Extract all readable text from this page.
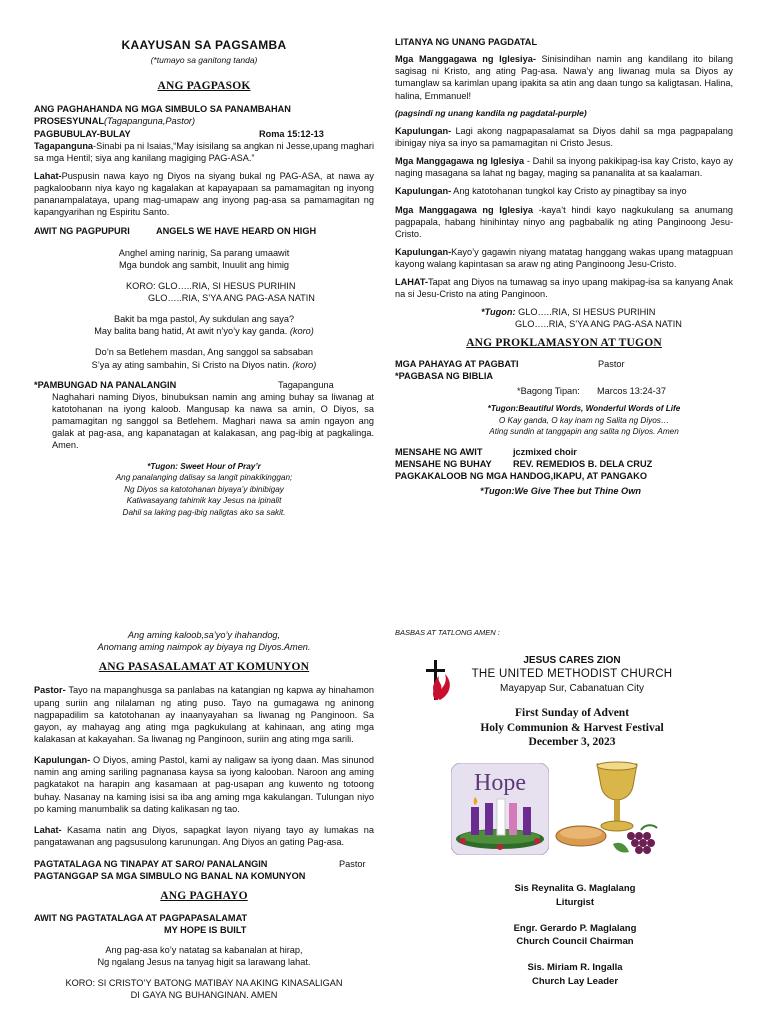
KAAYUSAN SA PAGSAMBA
(*tumayo sa ganitong tanda)
ANG PAGPASOK
ANG PAGHAHANDA NG MGA SIMBULO SA PANAMBAHAN
PROSESYUNAL(Tagapanguna,Pastor)
PAGBUBULAY-BULAY	Roma 15:12-13

Tagapanguna-Sinabi pa ni Isaias,“May isisilang sa angkan ni Jesse,upang maghari sa mga Hentil; siya ang kanilang magiging PAG-ASA.”

Lahat-Puspusin nawa kayo ng Diyos na siyang bukal ng PAG-ASA, at nawa ay pagkaloobann niya kayo ng kagalakan at kapayapaan sa pamamagitan ng inyong pananampalataya, upang mag-umapaw ang inyong pag-asa sa pamamagitan ng kapangyarihan ng Espiritu Santo.

AWIT NG PAGPUPURI	ANGELS WE HAVE HEARD ON HIGH
Anghel aming narinig, Sa parang umaawit
Mga bundok ang sambit, Inuulit ang himig
KORO: GLO…..RIA, SI HESUS PURIHIN
GLO…..RIA, S’YA ANG PAG-ASA NATIN
Bakit ba mga pastol, Ay sukdulan ang saya?
May balita bang hatid, At awit n’yo’y kay ganda. (koro)
Do’n sa Betlehem masdan, Ang sanggol sa sabsaban
S’ya ay ating sambahin, Si Cristo na Diyos natin. (koro)
*PAMBUNGAD NA PANALANGIN	Tagapanguna

Naghahari naming Diyos, binubuksan namin ang aming buhay sa liwanag at katotohanan na iyong kaloob. Mangusap ka nawa sa amin, O Diyos, sa pamamagitan ng sanggol sa Betlehem. Maghari nawa sa amin ngayon ang galak at pag-asa, ang kapanatagan at kalakasan, ang pag-ibig at pagkalinga. Amen.

*Tugon: Sweet Hour of Pray’r
Ang panalanging dalisay sa langit pinakikinggan;
Ng Diyos sa katotohanan biyaya’y ibinibigay
Katiwasayang tahimik kay Jesus na ipinalit
Dahil sa laking pag-ibig naligtas ako sa sakit.
LITANYA NG UNANG PAGDATAL

Mga Manggagawa ng Iglesiya- Sinisindihan namin ang kandilang ito bilang sagisag ni Kristo, ang ating Pag-asa. Nawa’y ang liwanag mula sa Diyos ay tumanglaw sa karimlan upang ipakita sa atin ang daan tungo sa kaligtasan. Halina, halina, Emmanuel!

(pagsindi ng unang kandila ng pagdatal-purple)

Kapulungan- Lagi akong nagpapasalamat sa Diyos dahil sa mga pagpapalang ibinigay niya sa inyo sa pamamagitan ni Cristo Jesus.

Mga Manggagawa ng Iglesiya - Dahil sa inyong pakikipag-isa kay Cristo, kayo ay naging masagana sa lahat ng bagay, maging sa pananalita at sa kaalaman.

Kapulungan- Ang katotohanan tungkol kay Cristo ay pinagtibay sa inyo

Mga Manggagawa ng Iglesiya -kaya’t hindi kayo nagkukulang sa anumang pagpapala, habang hinihintay ninyo ang pagbabalik ng ating Panginoong Jesu-Cristo.

Kapulungan-Kayo’y gagawin niyang matatag hanggang wakas upang matagpuan kayong walang kapintasan sa araw ng ating Panginoong Jesu-Cristo.

LAHAT-Tapat ang Diyos na tumawag sa inyo upang makipag-isa sa kanyang Anak na si Jesu-Cristo na ating Panginoon.

*Tugon: GLO…..RIA, SI HESUS PURIHIN
GLO…..RIA, S’YA ANG PAG-ASA NATIN
ANG PROKLAMASYON AT TUGON
MGA PAHAYAG AT PAGBATI	Pastor
*PAGBASA NG BIBLIA
*Bagong Tipan:	Marcos 13:24-37
*Tugon:Beautiful Words, Wonderful Words of Life
O Kay ganda, O kay inam ng Salita ng Diyos…
Ating sundin at tanggapin ang salita ng Diyos. Amen
MENSAHE NG AWIT	jczmixed choir
MENSAHE NG BUHAY	REV. REMEDIOS B. DELA CRUZ
PAGKAKALOOB NG MGA HANDOG,IKAPU, AT PANGAKO
*Tugon:We Give Thee but Thine Own
Ang aming kaloob,sa’yo’y ihahandog,
Anomang aming naimpok ay biyaya ng Diyos.Amen.
ANG PASASALAMAT AT KOMUNYON

Pastor- Tayo na mapanghusga sa panlabas na katangian ng kapwa ay hinahamon upang suriin ang nilalaman ng ating puso. Tayo na gumagawa ng aninong nagpapadilim sa katotohanan ay inaanyayahan sa liwanag ng Panginoon. Sa gayon, ay mahayag ang ating mga pagkukulang at kahinaan, ang ating mga kalakasan at kakayahan. Sa liwanag ng Panginoon, suriin ang ating mga sarili.

Kapulungan- O Diyos, aming Pastol, kami ay naligaw sa iyong daan. Mas sinunod namin ang aming sariling pagnanasa kaysa sa iyong kalooban. Naroon ang aming pagkatakot na harapin ang kasamaan at pag-usapan ang kuwento ng totoong buhay. Nasanay na kaming isisi sa iba ang aming mga kakulangan. Tulungan niyo po kaming manumbalik sa dating kalikasan ng tao.

Lahat- Kasama natin ang Diyos, sapagkat layon niyang tayo ay lumakas na pangatawanan ang pagsusulong karunungan. Ang Diyos an gating Pag-asa.

PAGTATALAGA NG TINAPAY AT SARO/ PANALANGIN	Pastor
PAGTANGGAP SA MGA SIMBULO NG BANAL NA KOMUNYON
ANG PAGHAYO
AWIT NG PAGTATALAGA AT PAGPAPASALAMAT
MY HOPE IS BUILT
Ang pag-asa ko’y natatag sa kabanalan at hirap,
Ng ngalang Jesus na tanyag higit sa larawang lahat.
KORO: SI CRISTO’Y BATONG MATIBAY NA AKING KINASALIGAN
DI GAYA NG BUHANGINAN. AMEN
BASBAS AT TATLONG AMEN :
JESUS CARES ZION
THE UNITED METHODIST CHURCH
Mayapyap Sur, Cabanatuan City
First Sunday of Advent
Holy Communion & Harvest Festival
December 3, 2023
Hope
Sis Reynalita G. Maglalang
Liturgist
Engr. Gerardo P. Maglalang
Church Council Chairman
Sis. Miriam R. Ingalla
Church Lay Leader
